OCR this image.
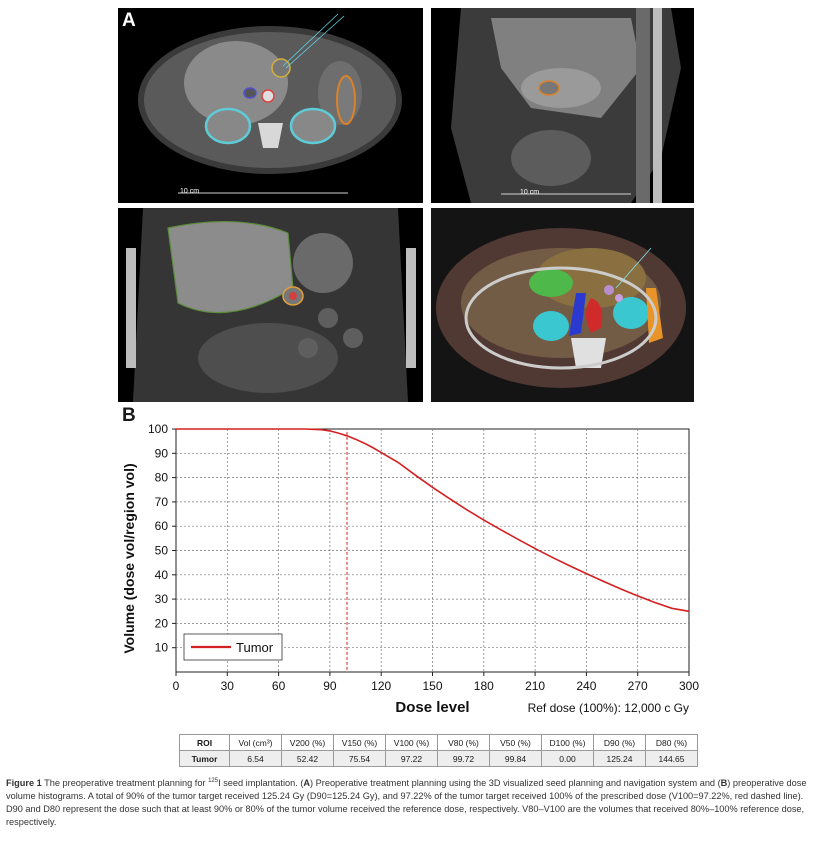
A
10 cm	10 cm
B
0	30	60	90	120	150	180	210	240	270	300
10
20
30
40
50
60
70
80
90
100
Tumor
Dose level
Volume (dose vol/region vol)
Ref dose (100%): 12,000 c Gy
ROI	Vol (cm³)	V200 (%)	V150 (%)	V100 (%)	V80 (%)	V50 (%)	D100 (%)	D90 (%)	D80 (%)
Tumor	6.54	52.42	75.54	97.22	99.72	99.84	0.00	125.24	144.65
Figure 1 The preoperative treatment planning for $^{125}$I seed implantation. (A) Preoperative treatment planning using the 3D visualized seed planning and navigation system and (B) preoperative dose volume histograms. A total of 90% of the tumor target received 125.24 Gy (D90=125.24 Gy), and 97.22% of the tumor target received 100% of the prescribed dose (V100=97.22%, red dashed line). D90 and D80 represent the dose such that at least 90% or 80% of the tumor volume received the reference dose, respectively. V80–V100 are the volumes that received 80%–100% reference dose, respectively.
